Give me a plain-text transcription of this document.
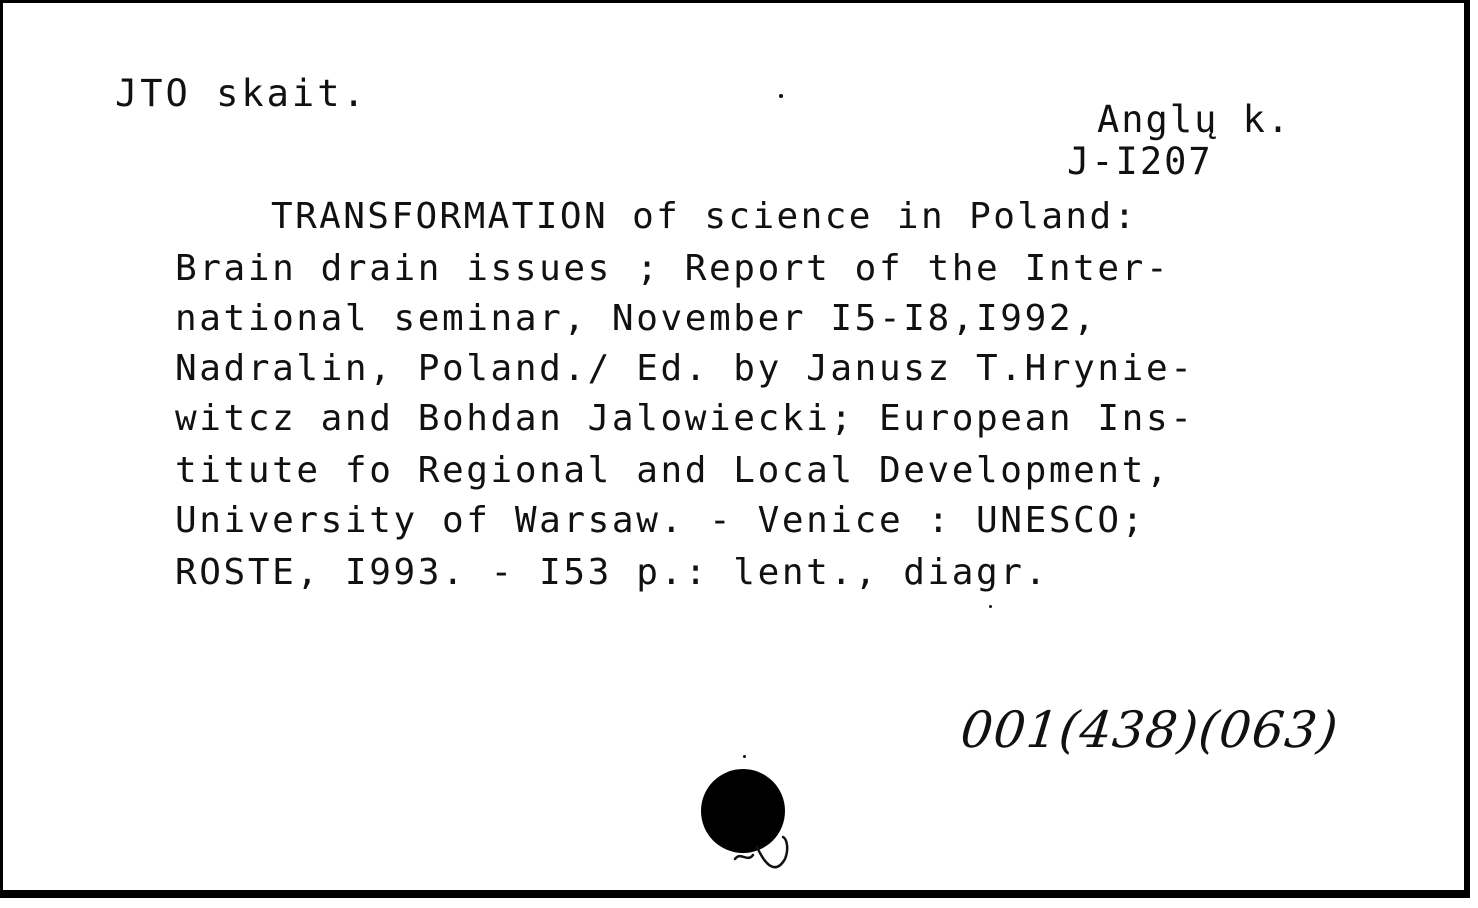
JTO skait.
Anglų k.
J-I207
TRANSFORMATION of science in Poland:
Brain drain issues ; Report of the Inter-
national seminar, November I5-I8,I992,
Nadralin, Poland./ Ed. by Janusz T.Hrynie-
witcz and Bohdan Jalowiecki; European Ins-
titute fo Regional and Local Development,
University of Warsaw. - Venice : UNESCO;
ROSTE, I993. - I53 p.: lent., diagr.
001(438)(063)
